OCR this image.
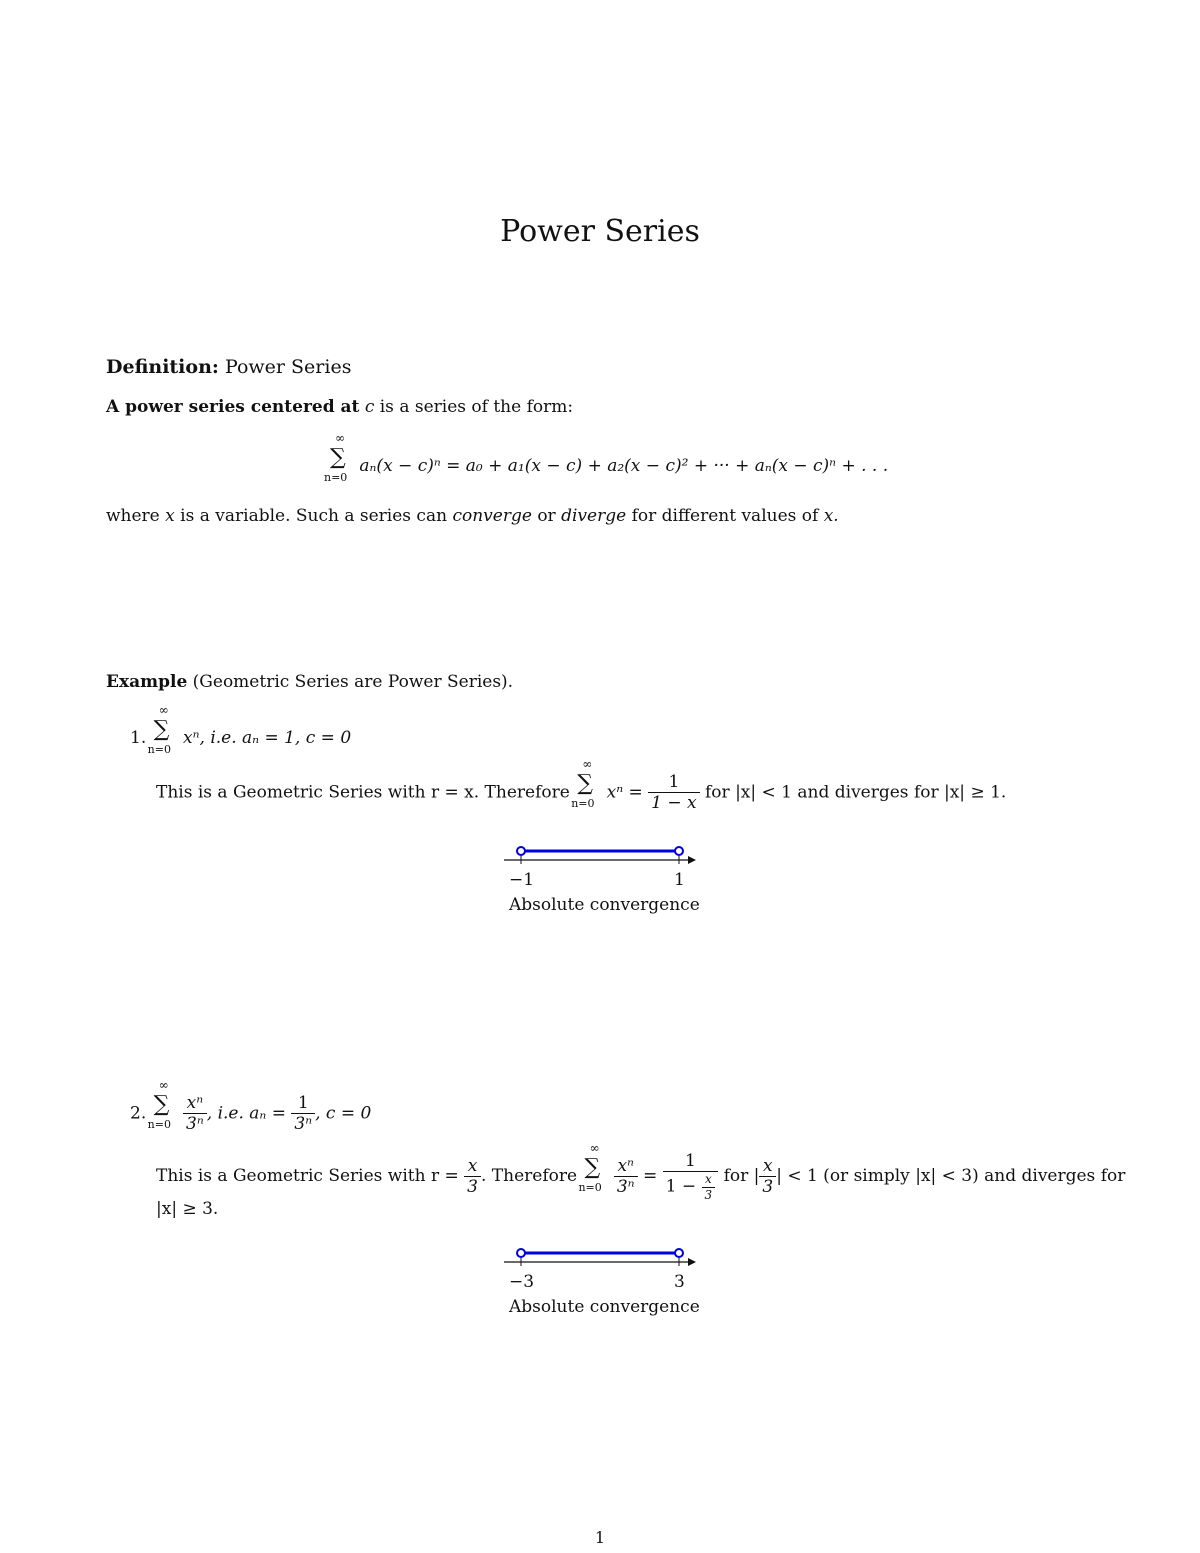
Power Series
Definition: Power Series
A power series centered at c is a series of the form:
∞
∑
n=0
aₙ(x − c)ⁿ = a₀ + a₁(x − c) + a₂(x − c)² + ··· + aₙ(x − c)ⁿ + . . .
where x is a variable. Such a series can converge or diverge for different values of x.
Example (Geometric Series are Power Series).
1.
∞
∑
n=0
xⁿ, i.e. aₙ = 1, c = 0
This is a Geometric Series with r = x. Therefore
∞
∑
n=0
$x^n = \frac{1}{1 - x}$ for |x| < 1 and diverges for |x| ≥ 1.
−1	1
Absolute convergence
2.
∞
∑
n=0
$\frac{\text{xⁿ}}{\text{3ⁿ}}$ , i.e. $a_n = \frac{1}{\text{3ⁿ}}$ , c = 0
This is a Geometric Series with $r = \frac{x}{3}$ . Therefore
∞
∑
n=0
$\frac{\text{xⁿ}}{\text{3ⁿ}} = \frac{1}{1 - \frac{x}{3}}$ for | $\frac{x}{3}$ | < 1 (or simply |x| < 3) and diverges for
|x| ≥ 3.
−3	3
Absolute convergence
1
